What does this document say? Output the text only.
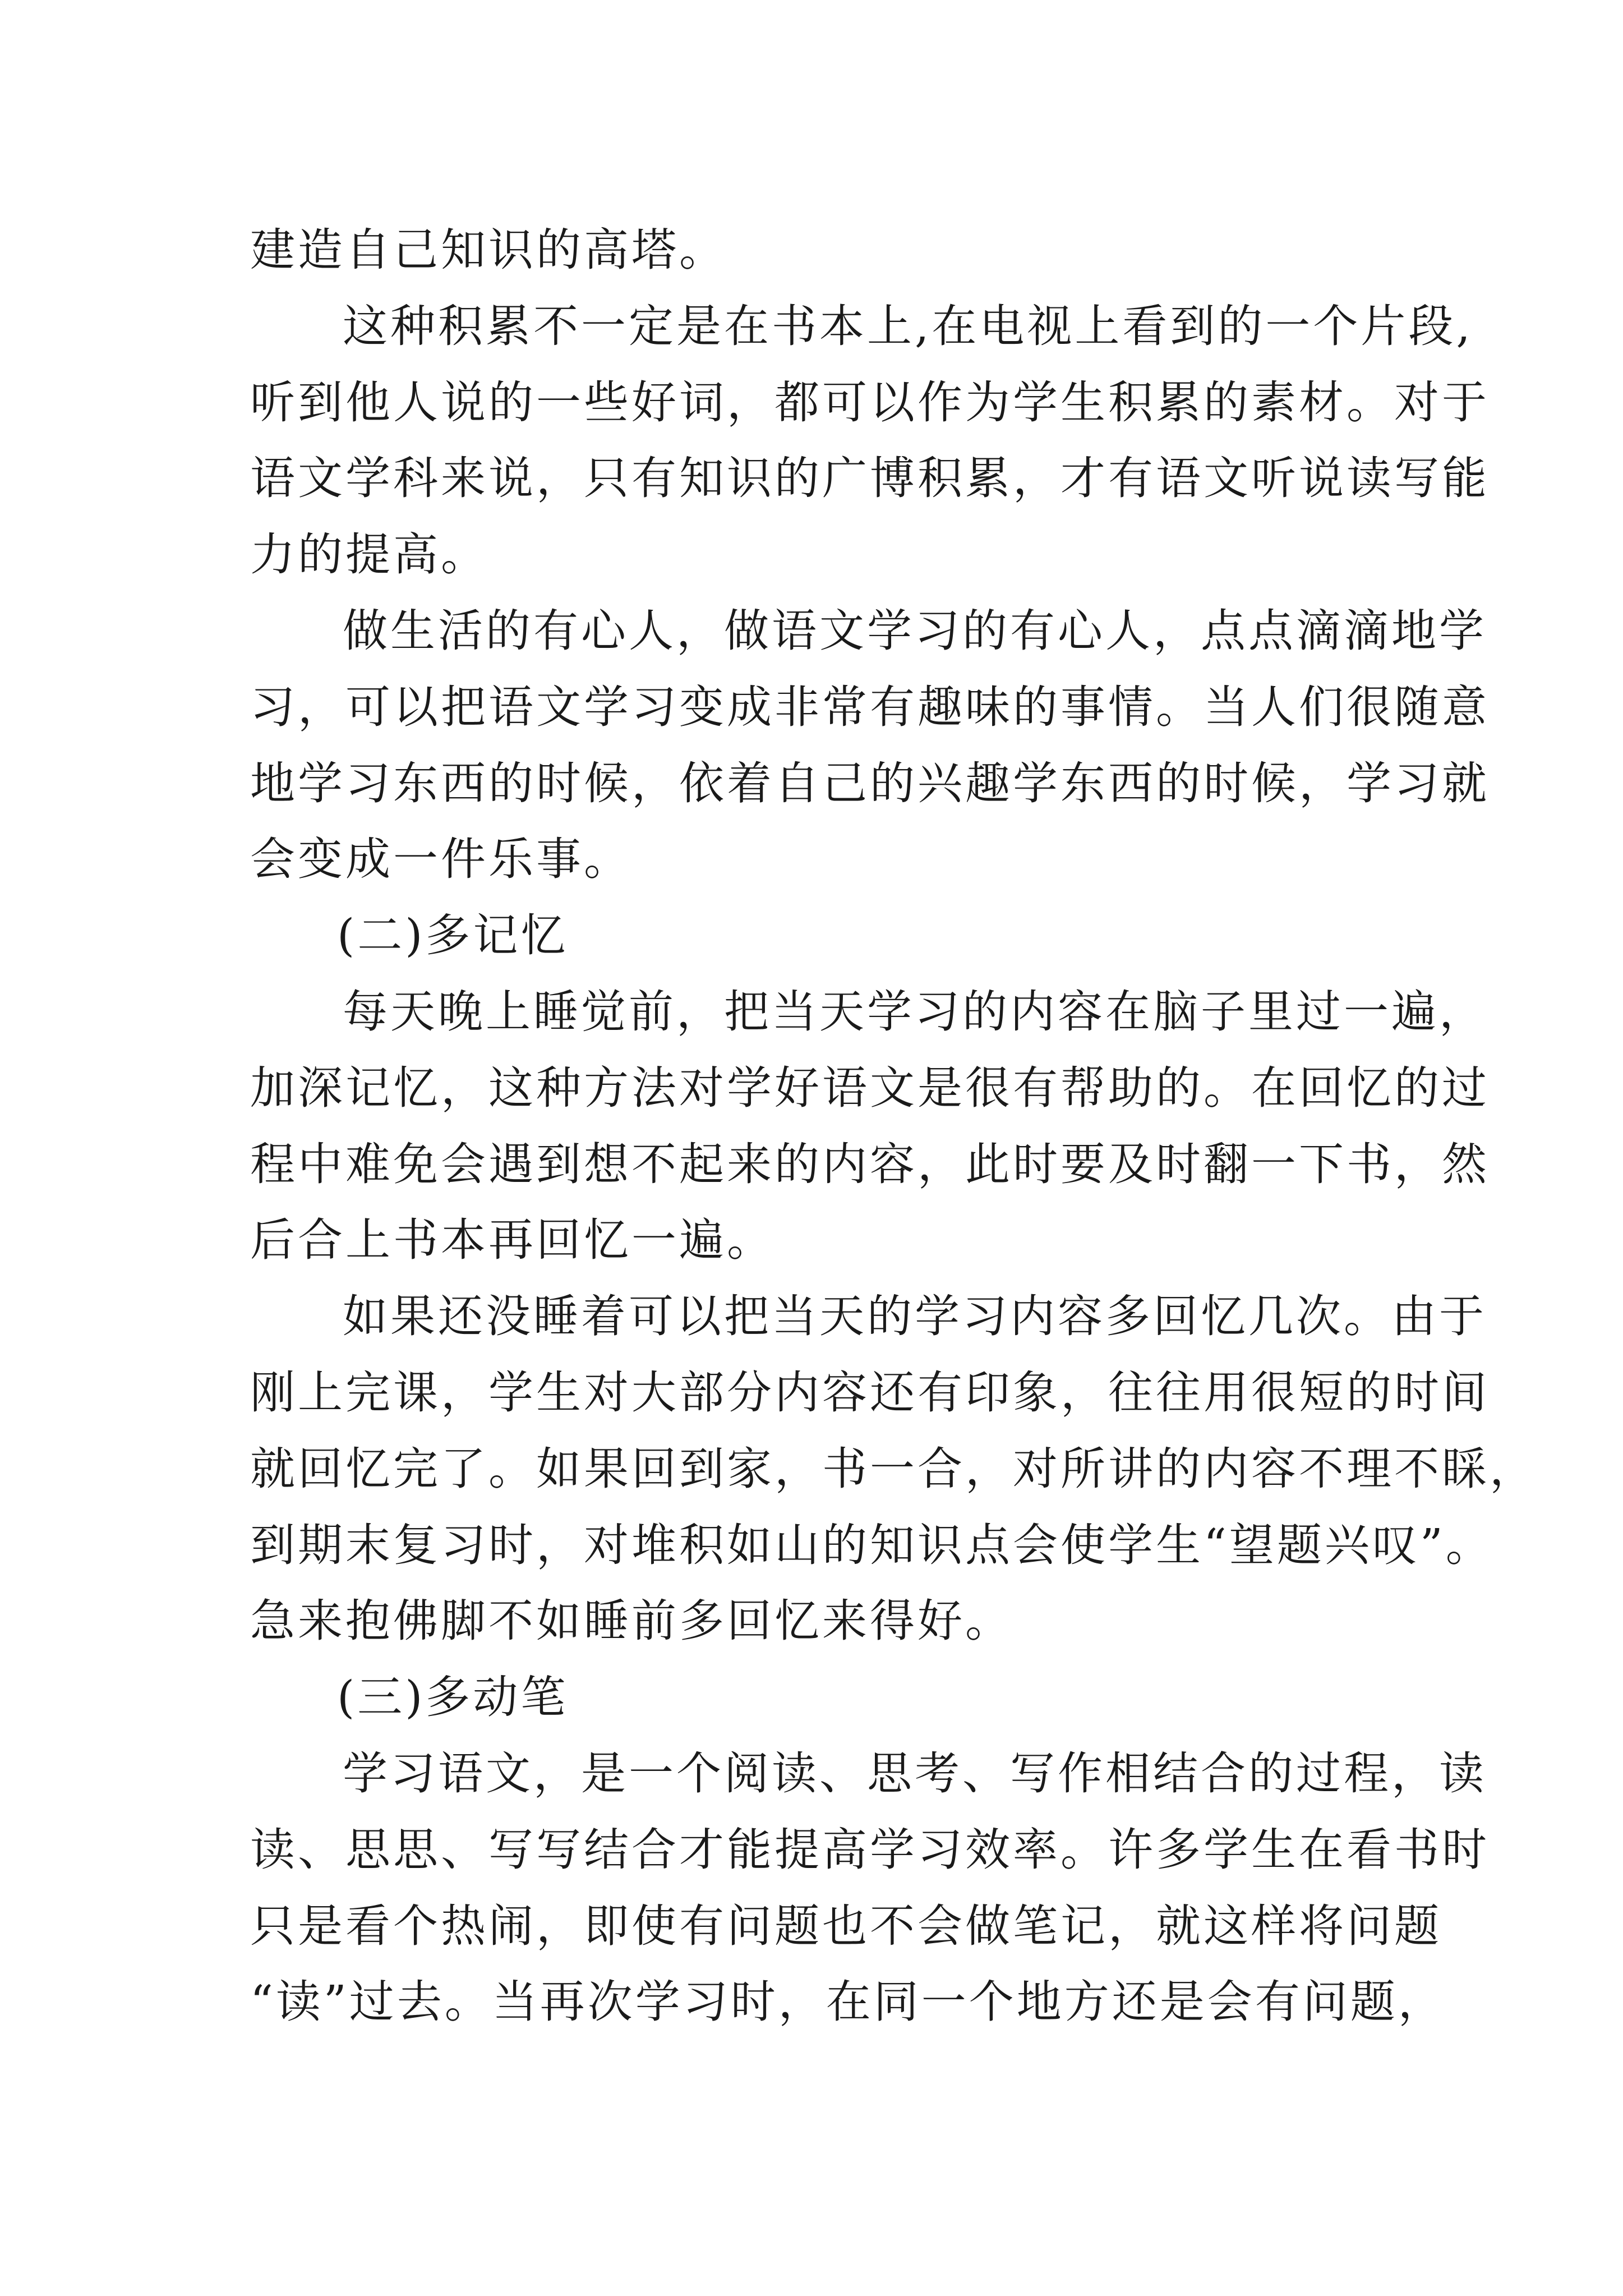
建造自己知识的高塔。
这种积累不一定是在书本上,在电视上看到的一个片段,
听到他人说的一些好词，都可以作为学生积累的素材。对于
语文学科来说，只有知识的广博积累，才有语文听说读写能
力的提高。
做生活的有心人，做语文学习的有心人，点点滴滴地学
习，可以把语文学习变成非常有趣味的事情。当人们很随意
地学习东西的时候，依着自己的兴趣学东西的时候，学习就
会变成一件乐事。
(二)多记忆
每天晚上睡觉前，把当天学习的内容在脑子里过一遍，
加深记忆，这种方法对学好语文是很有帮助的。在回忆的过
程中难免会遇到想不起来的内容，此时要及时翻一下书，然
后合上书本再回忆一遍。
如果还没睡着可以把当天的学习内容多回忆几次。由于
刚上完课，学生对大部分内容还有印象，往往用很短的时间
就回忆完了。如果回到家，书一合，对所讲的内容不理不睬，
到期末复习时，对堆积如山的知识点会使学生“望题兴叹”。
急来抱佛脚不如睡前多回忆来得好。
(三)多动笔
学习语文，是一个阅读、思考、写作相结合的过程，读
读、思思、写写结合才能提高学习效率。许多学生在看书时
只是看个热闹，即使有问题也不会做笔记，就这样将问题
“读”过去。当再次学习时，在同一个地方还是会有问题，
